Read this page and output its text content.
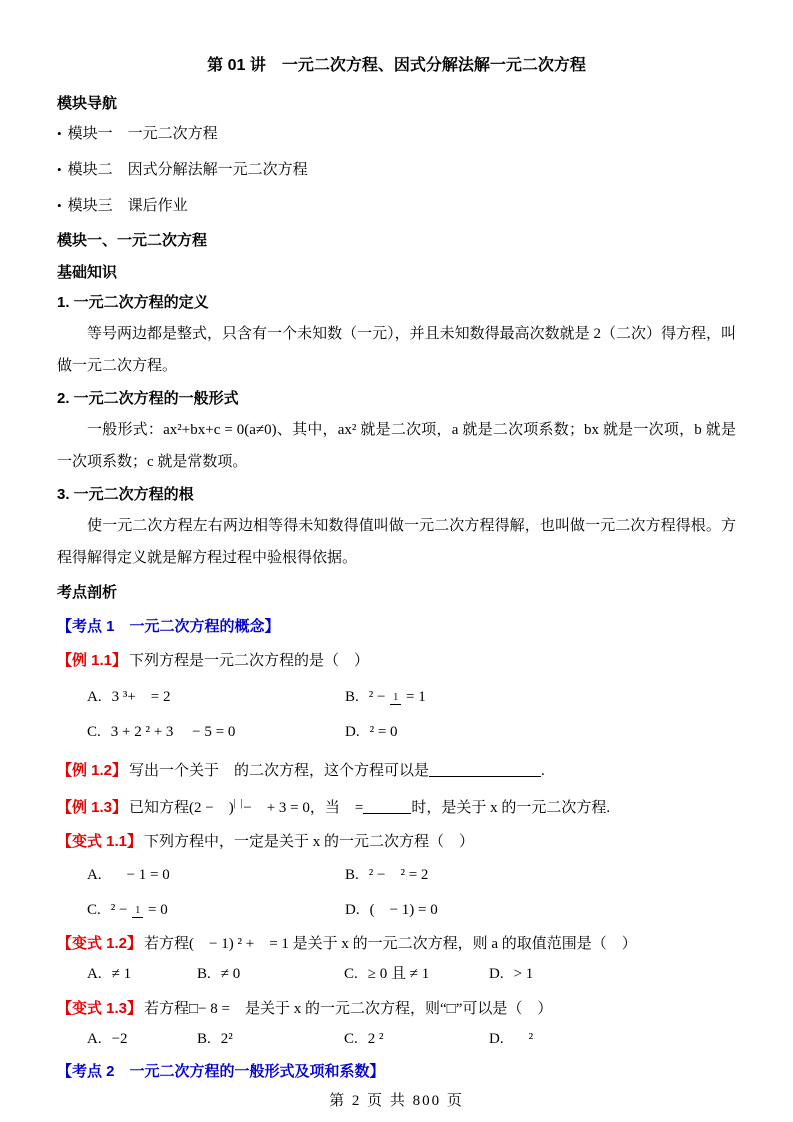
第 01 讲　一元二次方程、因式分解法解一元二次方程
模块导航
• 模块一　一元二次方程
• 模块二　因式分解法解一元二次方程
• 模块三　课后作业
模块一、一元二次方程
基础知识
1. 一元二次方程的定义
等号两边都是整式，只含有一个未知数（一元），并且未知数得最高次数就是 2（二次）得方程，叫做一元二次方程。
2. 一元二次方程的一般形式
一般形式：ax²+bx+c = 0(a≠0)、其中，ax² 就是二次项，a 就是二次项系数；bx 就是一次项，b 就是一次项系数；c 就是常数项。
3. 一元二次方程的根
使一元二次方程左右两边相等得未知数得值叫做一元二次方程得解，也叫做一元二次方程得根。方程得解得定义就是解方程过程中验根得依据。
考点剖析
【考点 1　一元二次方程的概念】
【例 1.1】 下列方程是一元二次方程的是（　）
A. 3 ³+　= 2	B. ² − 1 = 1
C. 3 + 2 ² + 3　 − 5 = 0	D. ² = 0
【例 1.2】 写出一个关于　的二次方程，这个方程可以是	.
【例 1.3】 已知方程(2 −　)| |−　+ 3 = 0，当　=	时，是关于 x 的一元二次方程.
【变式 1.1】 下列方程中，一定是关于 x 的一元二次方程（　）
A.　− 1 = 0	B. ² −　² = 2
C. ² − 1 = 0	D. (　− 1) = 0
【变式 1.2】 若方程(　− 1) ² +　= 1 是关于 x 的一元二次方程，则 a 的取值范围是（　）
A. ≠ 1	B. ≠ 0	C. ≥ 0 且 ≠ 1	D. > 1
【变式 1.3】 若方程□− 8 =　是关于 x 的一元二次方程，则“□”可以是（　）
A. −2	B. 2²	C. 2 ²	D.　²
【考点 2　一元二次方程的一般形式及项和系数】
第 2 页 共 800 页
